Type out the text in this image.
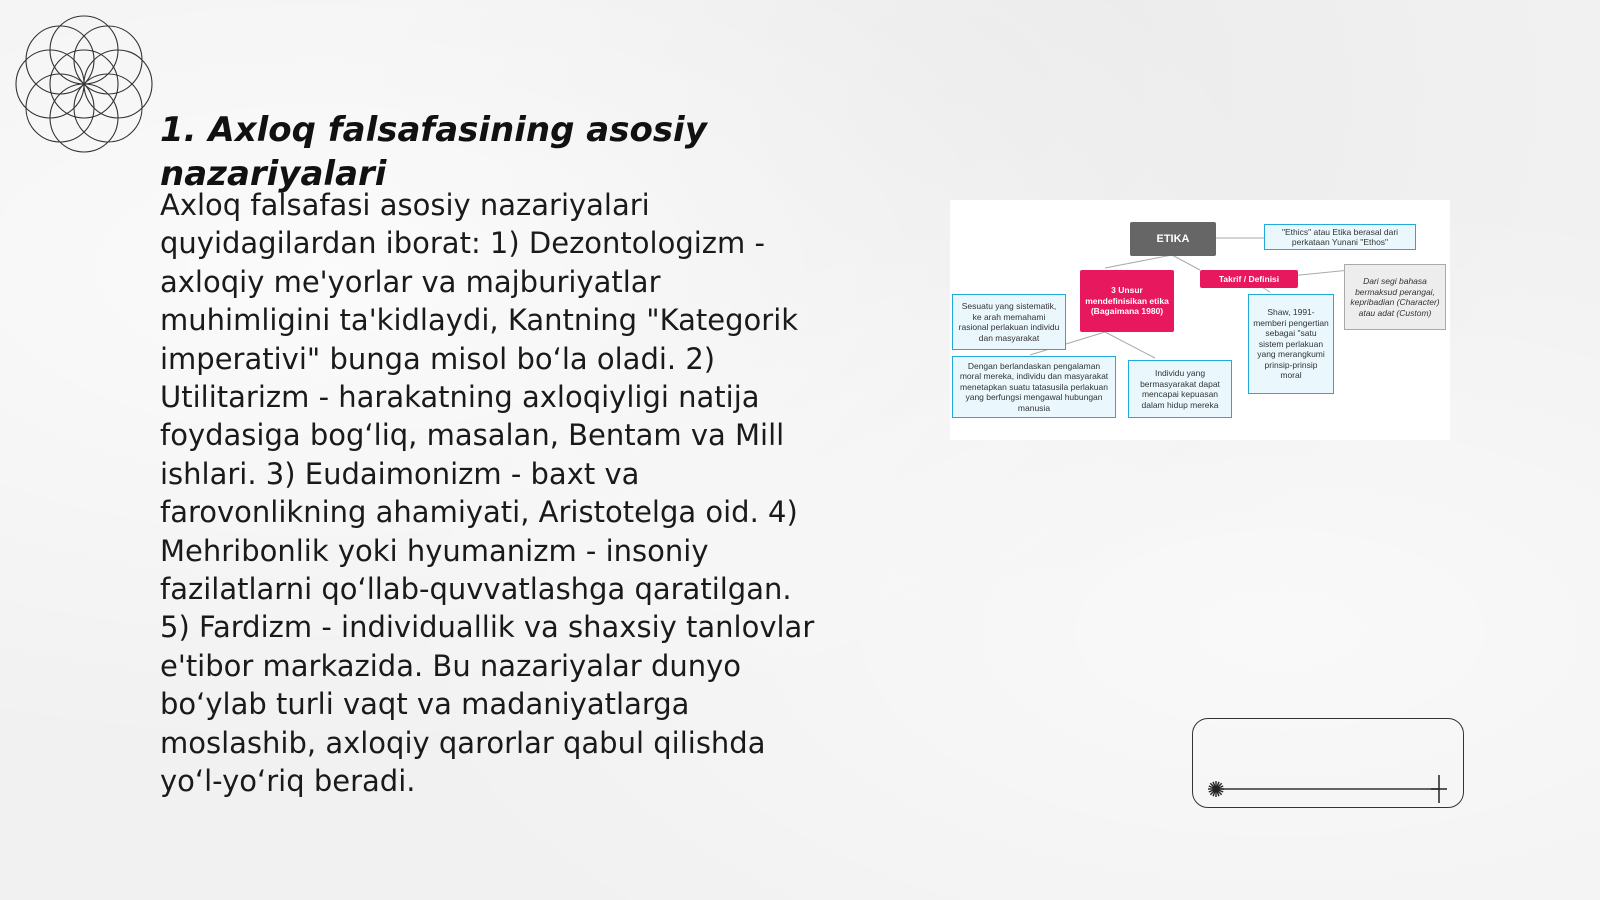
1. Axloq falsafasining asosiy nazariyalari

Axloq falsafasi asosiy nazariyalari quyidagilardan iborat: 1) Dezontologizm - axloqiy me'yorlar va majburiyatlar muhimligini ta'kidlaydi, Kantning "Kategorik imperativi" bunga misol bo‘la oladi. 2) Utilitarizm - harakatning axloqiyligi natija foydasiga bog‘liq, masalan, Bentam va Mill ishlari. 3) Eudaimonizm - baxt va farovonlikning ahamiyati, Aristotelga oid. 4) Mehribonlik yoki hyumanizm - insoniy fazilatlarni qo‘llab-quvvatlashga qaratilgan. 5) Fardizm - individuallik va shaxsiy tanlovlar e'tibor markazida. Bu nazariyalar dunyo bo‘ylab turli vaqt va madaniyatlarga moslashib, axloqiy qarorlar qabul qilishda yo‘l-yo‘riq beradi.

ETIKA
"Ethics" atau Etika berasal dari perkataan Yunani "Ethos"
Takrif / Definisi
3 Unsur mendefinisikan etika (Bagaimana 1980)
Sesuatu yang sistematik, ke arah memahami rasional perlakuan individu dan masyarakat
Dari segi bahasa bermaksud perangai, kepribadian (Character) atau adat (Custom)
Shaw, 1991-memberi pengertian sebagai "satu sistem perlakuan yang merangkumi prinsip-prinsip moral
Dengan berlandaskan pengalaman moral mereka, individu dan masyarakat menetapkan suatu tatasusila perlakuan yang berfungsi mengawal hubungan manusia
Individu yang bermasyarakat dapat mencapai kepuasan dalam hidup mereka
